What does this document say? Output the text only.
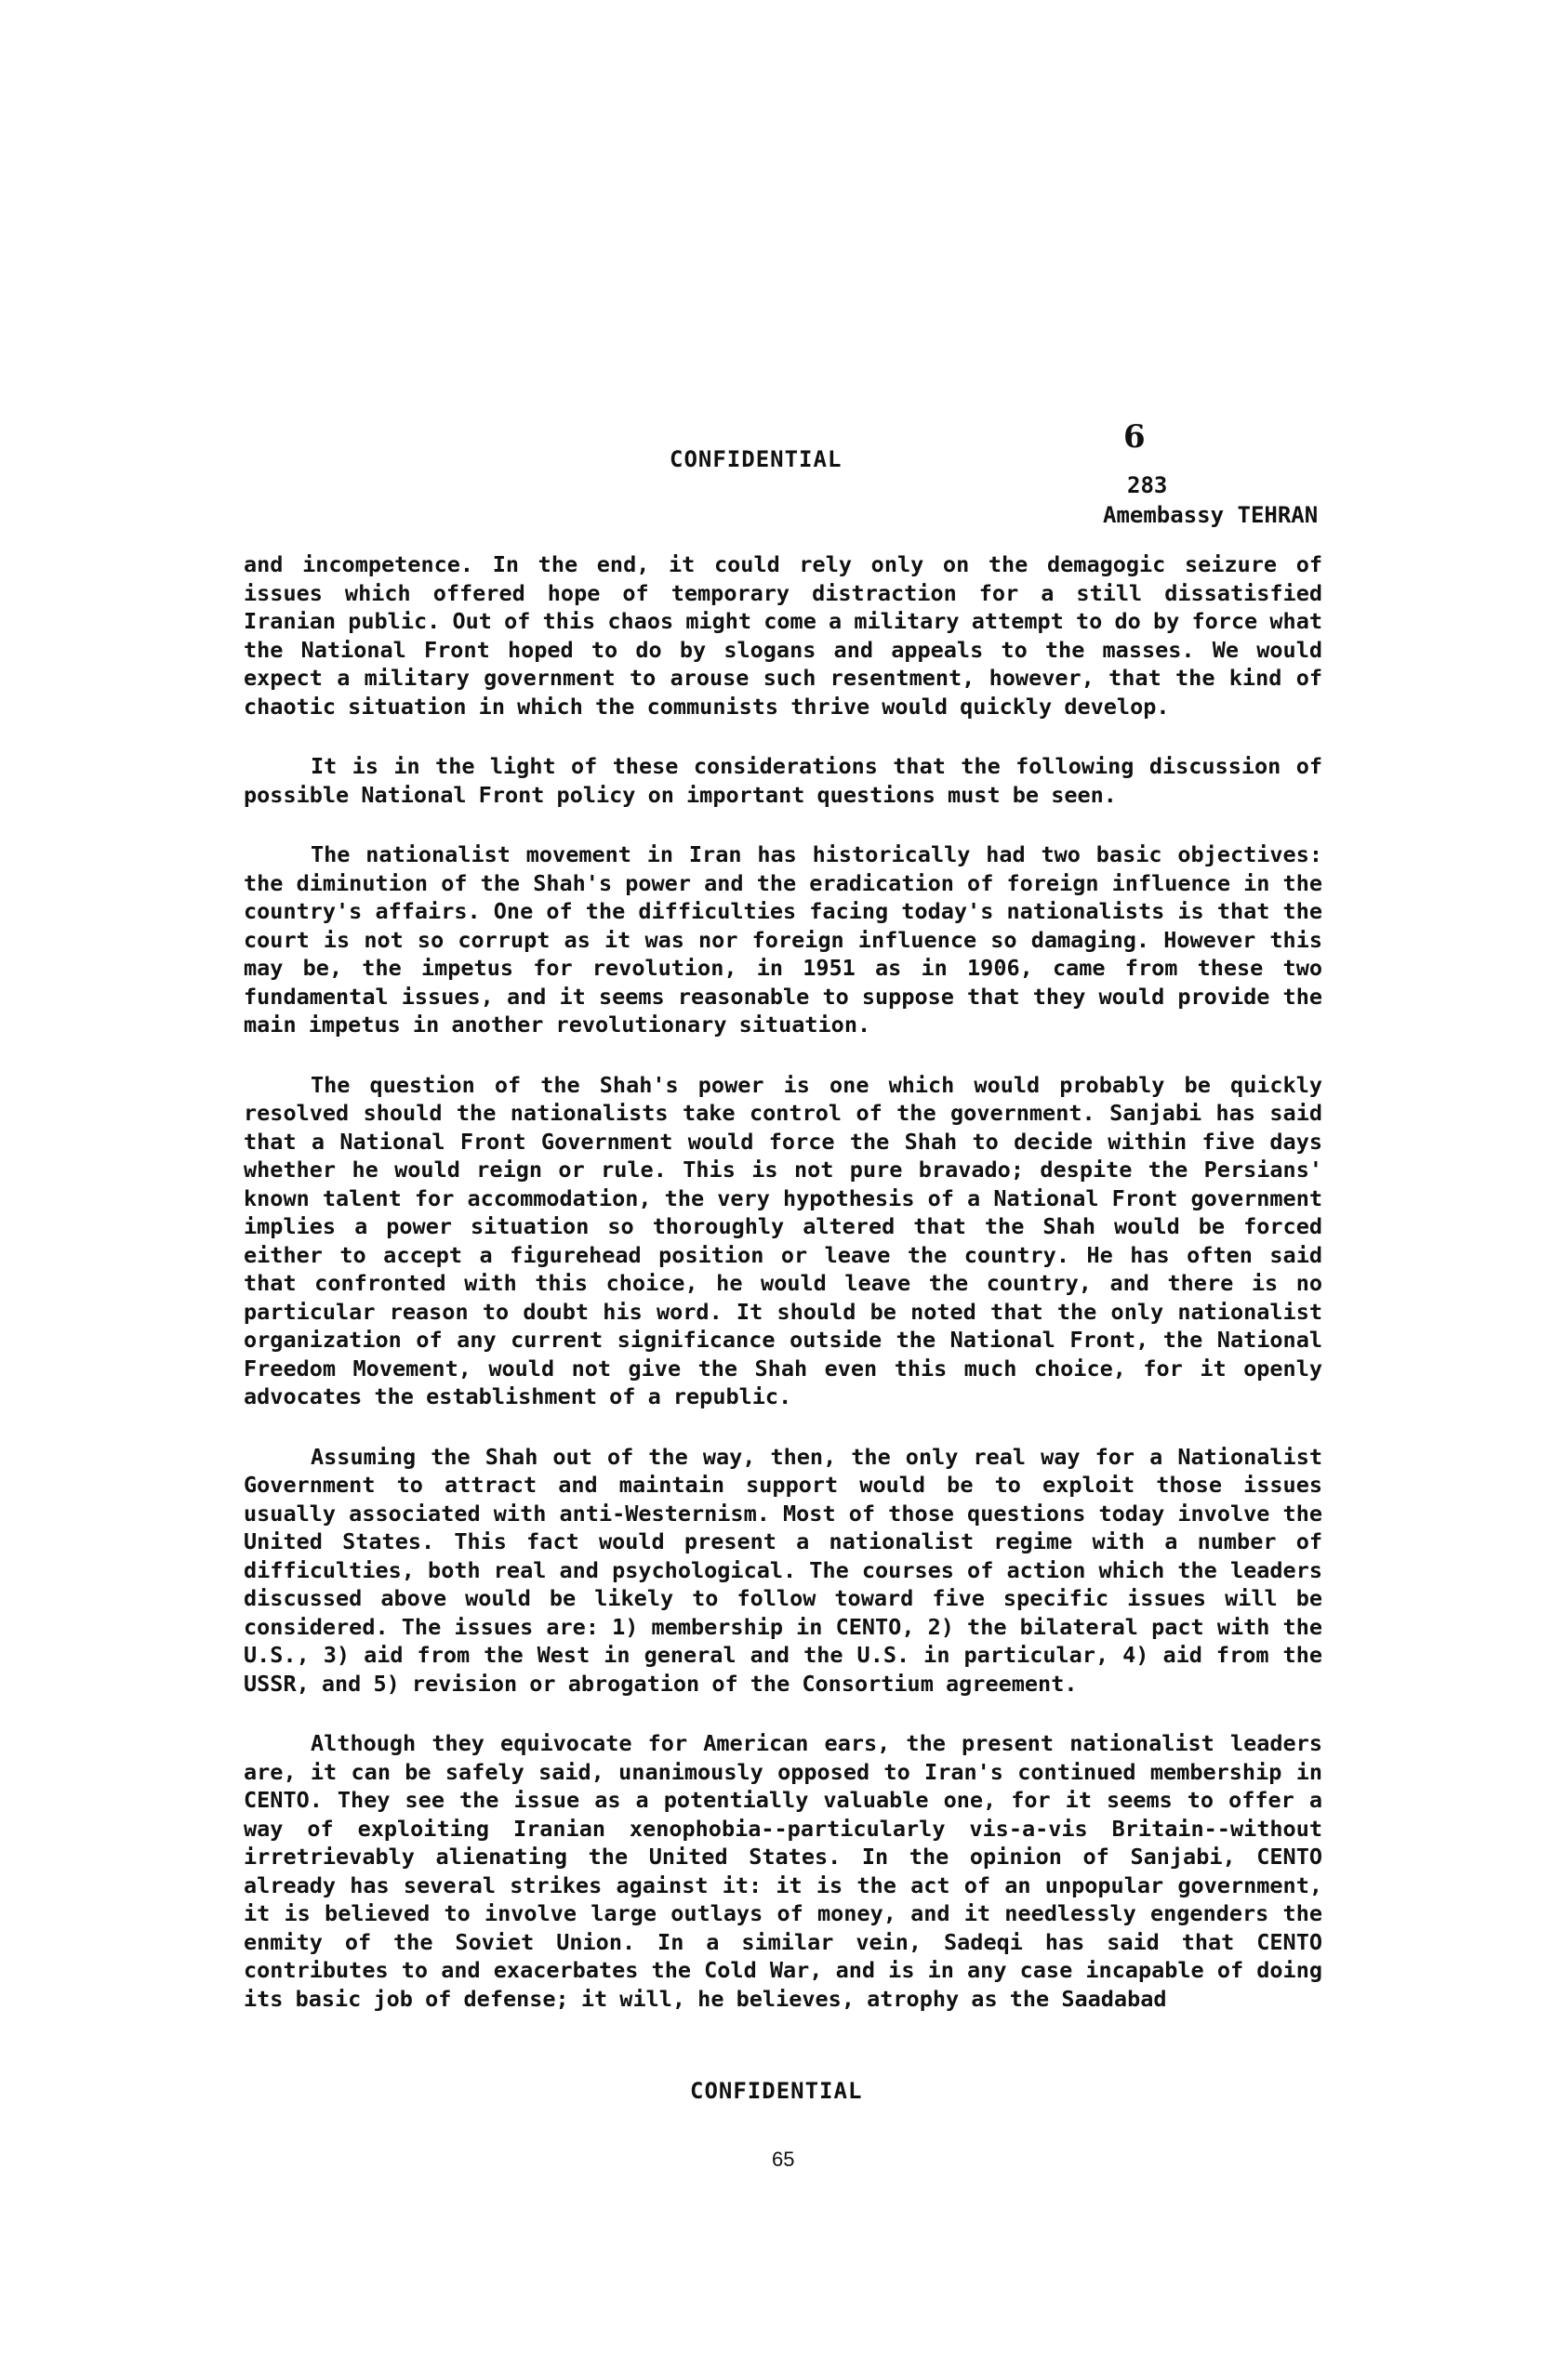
CONFIDENTIAL
6
283
Amembassy TEHRAN

and incompetence. In the end, it could rely only on the demagogic seizure of issues which offered hope of temporary distraction for a still dissatisfied Iranian public. Out of this chaos might come a military attempt to do by force what the National Front hoped to do by slogans and appeals to the masses. We would expect a military government to arouse such resentment, however, that the kind of chaotic situation in which the communists thrive would quickly develop.

It is in the light of these considerations that the following discussion of possible National Front policy on important questions must be seen.

The nationalist movement in Iran has historically had two basic objectives: the diminution of the Shah's power and the eradication of foreign influence in the country's affairs. One of the difficulties facing today's nationalists is that the court is not so corrupt as it was nor foreign influence so damaging. However this may be, the impetus for revolution, in 1951 as in 1906, came from these two fundamental issues, and it seems reasonable to suppose that they would provide the main impetus in another revolutionary situation.

The question of the Shah's power is one which would probably be quickly resolved should the nationalists take control of the government. Sanjabi has said that a National Front Government would force the Shah to decide within five days whether he would reign or rule. This is not pure bravado; despite the Persians' known talent for accommodation, the very hypothesis of a National Front government implies a power situation so thoroughly altered that the Shah would be forced either to accept a figurehead position or leave the country. He has often said that confronted with this choice, he would leave the country, and there is no particular reason to doubt his word. It should be noted that the only nationalist organization of any current significance outside the National Front, the National Freedom Movement, would not give the Shah even this much choice, for it openly advocates the establishment of a republic.

Assuming the Shah out of the way, then, the only real way for a Nationalist Government to attract and maintain support would be to exploit those issues usually associated with anti-Westernism. Most of those questions today involve the United States. This fact would present a nationalist regime with a number of difficulties, both real and psychological. The courses of action which the leaders discussed above would be likely to follow toward five specific issues will be considered. The issues are: 1) membership in CENTO, 2) the bilateral pact with the U.S., 3) aid from the West in general and the U.S. in particular, 4) aid from the USSR, and 5) revision or abrogation of the Consortium agreement.

Although they equivocate for American ears, the present nationalist leaders are, it can be safely said, unanimously opposed to Iran's continued membership in CENTO. They see the issue as a potentially valuable one, for it seems to offer a way of exploiting Iranian xenophobia--particularly vis-a-vis Britain--without irretrievably alienating the United States. In the opinion of Sanjabi, CENTO already has several strikes against it: it is the act of an unpopular government, it is believed to involve large outlays of money, and it needlessly engenders the enmity of the Soviet Union. In a similar vein, Sadeqi has said that CENTO contributes to and exacerbates the Cold War, and is in any case incapable of doing its basic job of defense; it will, he believes, atrophy as the Saadabad

CONFIDENTIAL
65
